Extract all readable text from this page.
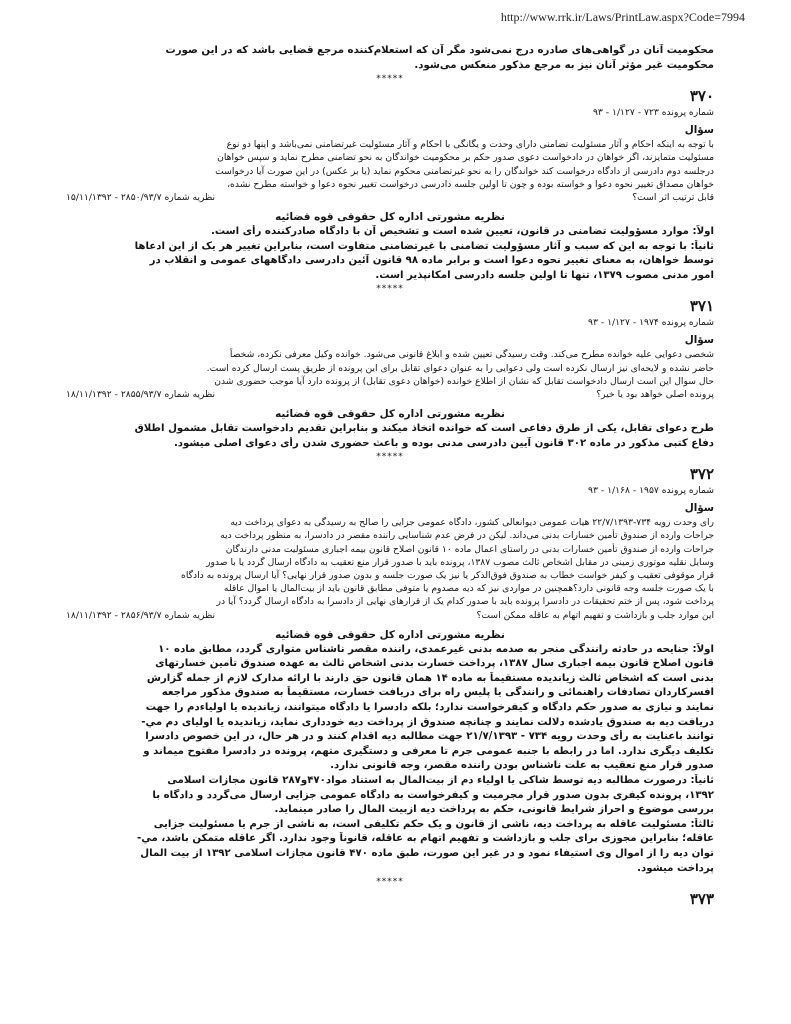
http://www.rrk.ir/Laws/PrintLaw.aspx?Code=7994

محکومیت آنان در گواهی‌های صادره درج نمی‌شود مگر آن که استعلام‌کننده مرجع قضایی باشد که در این صورت

محکومیت غیر مؤثر آنان نیز به مرجع مذکور منعکس می‌شود.

*****
۳۷۰
شماره پرونده ۷۲۳ - ۱/۱۲۷ - ۹۳
سؤال

با توجه به اینکه احکام و آثار مسئولیت تضامنی دارای وحدت و یگانگی با احکام و آثار مسئولیت غیرتضامنی نمی‌باشد و اینها دو نوع

مسئولیت متمایزند، اگر خواهان در دادخواست دعوی صدور حکم بر محکومیت خواندگان به نحو تضامنی مطرح نماید و سپس خواهان

درجلسه دوم دادرسی از دادگاه درخواست کند خواندگان را به نحو غیرتضامنی محکوم نماید (یا بر عکس) در این صورت آیا درخواست

خواهان مصداق تغییر نحوه دعوا و خواسته بوده و چون تا اولین جلسه دادرسی درخواست تغییر نحوه دعوا و خواسته مطرح نشده،

قابل ترتیب اثر است؟
نظریه شماره ۲۸۵۰/۹۳/۷ - ۱۵/۱۱/۱۳۹۲
نظریه مشورتی اداره کل حقوقی قوه قضائیه

اولاً: موارد مسؤولیت تضامنی در قانون، تعیین شده است و تشخیص آن با دادگاه صادرکننده رأی است.

ثانیاً: با توجه به این که سبب و آثار مسؤولیت تضامنی با غیرتضامنی متفاوت است، بنابراین تغییر هر یک از این ادعاها

توسط خواهان، به معنای تغییر نحوه دعوا است و برابر ماده ۹۸ قانون آئین دادرسی دادگاههای عمومی و انقلاب در

امور مدنی مصوب ۱۳۷۹، تنها تا اولین جلسه دادرسی امکانپذیر است.

*****
۳۷۱
شماره پرونده ۱۹۷۴ - ۱/۱۲۷ - ۹۳
سؤال

شخصی دعوایی علیه خوانده مطرح می‌کند. وقت رسیدگی تعیین شده و ابلاغ قانونی می‌شود. خوانده وکیل معرفی نکرده، شخصاً

حاضر نشده و لایحه‌ای نیز ارسال نکرده است ولی دعوایی را به عنوان دعوای تقابل برای این پرونده از طریق پست ارسال کرده است.

حال سوال این است ارسال دادخواست تقابل که نشان از اطلاع خوانده (خواهان دعوی تقابل) از پرونده دارد آیا موجب حضوری شدن

پرونده اصلی خواهد بود یا خیر؟
نظریه شماره ۲۸۵۵/۹۳/۷ - ۱۸/۱۱/۱۳۹۲
نظریه مشورتی اداره کل حقوقی قوه قضائیه

طرح دعوای تقابل، یکی از طرق دفاعی است که خوانده اتخاذ میکند و بنابراین تقدیم دادخواست تقابل مشمول اطلاق

دفاع کتبی مذکور در ماده ۳۰۲ قانون آیین دادرسی مدنی بوده و باعث حضوری شدن رأی دعوای اصلی میشود.

*****
۳۷۲
شماره پرونده ۱۹۵۷ - ۱/۱۶۸ - ۹۳
سؤال

رای وحدت رویه ۷۳۴-۲۲/۷/۱۳۹۳ هیات عمومی دیوانعالی کشور، دادگاه عمومی جزایی را صالح به رسیدگی به دعوای پرداخت دیه

جراحات وارده از صندوق تأمین خسارات بدنی می‌داند. لیکن در فرض عدم شناسایی راننده مقصر در دادسرا، به منظور پرداخت دیه

جراحات وارده از صندوق تأمین خسارات بدنی در راستای اعمال ماده ۱۰ قانون اصلاح قانون بیمه اجباری مسئولیت مدنی دارندگان

وسایل نقلیه موتوری زمینی در مقابل اشخاص ثالث مصوب ۱۳۸۷، پرونده باید با صدور قرار منع تعقیب به دادگاه ارسال گردد یا با صدور

قرار موقوفی تعقیب و کیفر خواست خطاب به صندوق فوق‌الذکر یا نیز یک صورت جلسه و بدون صدور قرار نهایی؟ آیا ارسال پرونده به دادگاه

با یک صورت جلسه وجه قانونی دارد؟همچنین در مواردی نیز که دیه مصدوم یا متوفی مطابق قانون باید از بیت‌المال یا اموال عاقله

پرداخت شود، پس از ختم تحقیقات در دادسرا پرونده باید با صدور کدام یک از قرارهای نهایی از دادسرا به دادگاه ارسال گردد؟ آیا در

این موارد جلب و بازداشت و تفهیم اتهام به عاقله ممکن است؟
نظریه شماره ۲۸۵۶/۹۳/۷ - ۱۸/۱۱/۱۳۹۲
نظریه مشورتی اداره کل حقوقی قوه قضائیه

اولاً: جنایحه در حادثه رانندگی منجر به صدمه بدنی غیرعمدی، راننده مقصر ناشناس متواری گردد، مطابق ماده ۱۰

قانون اصلاح قانون بیمه اجباری سال ۱۳۸۷، پرداخت خسارت بدنی اشخاص ثالث به عهده صندوق تأمین خسارتهای

بدنی است که اشخاص ثالث زیاندیده مستقیماً به ماده ۱۴ همان قانون حق دارند با ارائه مدارک لازم از جمله گزارش

افسرکاردان تصادفات راهنمائی و رانندگی یا پلیس راه برای دریافت خسارت، مستقیماً به صندوق مذکور مراجعه

نمایند و نیازی به صدور حکم دادگاه و کیفرخواست ندارد؛ بلکه دادسرا یا دادگاه میتوانند، زیاندیده یا اولیاءدم را جهت

دریافت دیه به صندوق یادشده دلالت نمایند و چنانچه صندوق از پرداخت دیه خودداری نماید، زیاندیده یا اولیای دم مي-

توانند باعنایت به رأی وحدت رویه ۷۳۴ - ۲۱/۷/۱۳۹۳ جهت مطالبه دیه اقدام کنند و در هر حال، در این خصوص دادسرا

تکلیف دیگری ندارد. اما در رابطه با جنبه عمومی جرم تا معرفی و دستگیری متهم، پرونده در دادسرا مفتوح میماند و

صدور قرار منع تعقیب به علت ناشناس بودن راننده مقصر، وجه قانونی ندارد.

ثانیاً: درصورت مطالبه دیه توسط شاکی یا اولیاء دم از بیت‌المال به استناد مواد۴۷۰و۲۸۷ قانون مجازات اسلامی

۱۳۹۲، پرونده کیفری بدون صدور قرار مجرمیت و کیفرخواست به دادگاه عمومی جزایی ارسال می‌گردد و دادگاه با

بررسی موضوع و احراز شرایط قانونی، حکم به پرداخت دیه ازبیت المال را صادر مینماید.

ثالثاً: مسئولیت عاقله به پرداخت دیه، ناشی از قانون و یک حکم تکلیفی است، به ناشی از جرم یا مسئولیت جزایی

عاقله؛ بنابراین مجوزی برای جلب و بازداشت و تفهیم اتهام به عاقله، قانوناً وجود ندارد. اگر عاقله متمکن باشد، مي-

توان دیه را از اموال وی استیفاء نمود و در غیر این صورت، طبق ماده ۴۷۰ قانون مجازات اسلامی ۱۳۹۲ از بیت المال

پرداخت میشود.

*****
۳۷۳
